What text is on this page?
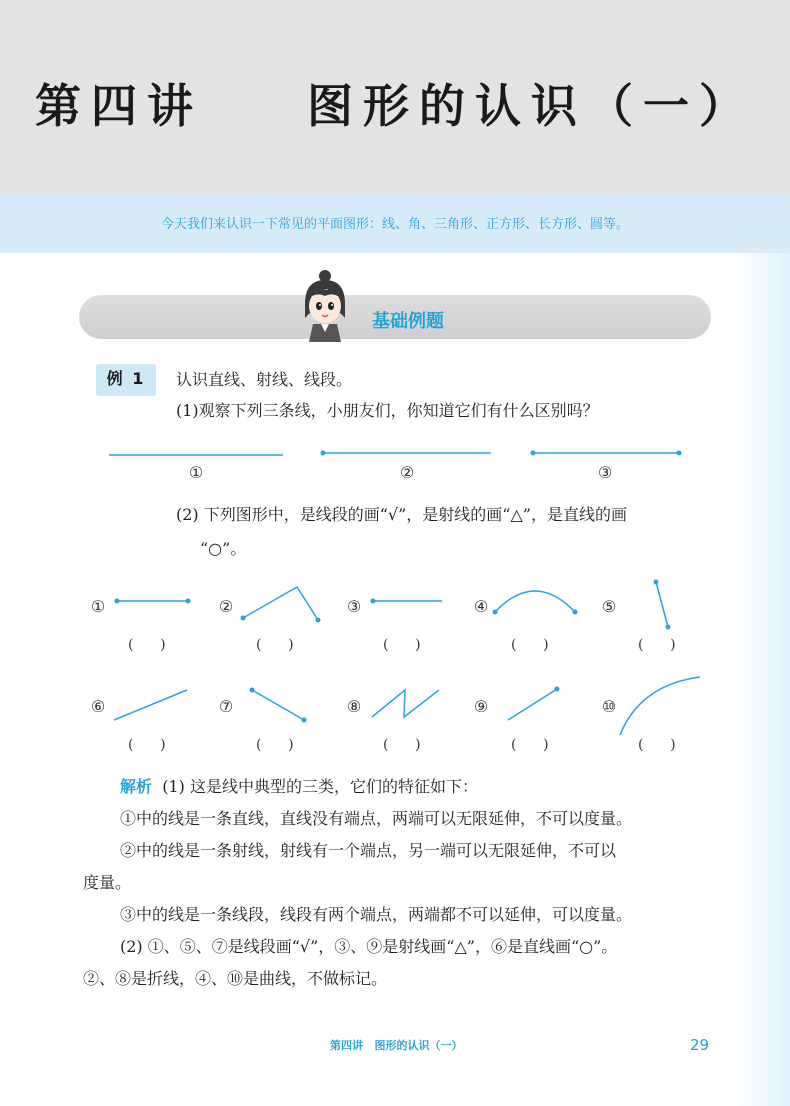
第四讲    图形的认识（一）
今天我们来认识一下常见的平面图形：线、角、三角形、正方形、长方形、圆等。
基础例题
例 1	认识直线、射线、线段。
(1)观察下列三条线，小朋友们，你知道它们有什么区别吗？
①	②	③
(2) 下列图形中，是线段的画“√”，是射线的画“△”，是直线的画
“○”。
①	②	③	④	⑤
⑥	⑦	⑧	⑨	⑩
(      )	(      )	(      )	(      )	(      )
(      )	(      )	(      )	(      )	(      )
解析 (1) 这是线中典型的三类，它们的特征如下：
①中的线是一条直线，直线没有端点，两端可以无限延伸，不可以度量。
②中的线是一条射线，射线有一个端点，另一端可以无限延伸，不可以
度量。
③中的线是一条线段，线段有两个端点，两端都不可以延伸，可以度量。
(2) ①、⑤、⑦是线段画“√”，③、⑨是射线画“△”，⑥是直线画“○”。
②、⑧是折线，④、⑩是曲线，不做标记。
第四讲   图形的认识（一）	29
